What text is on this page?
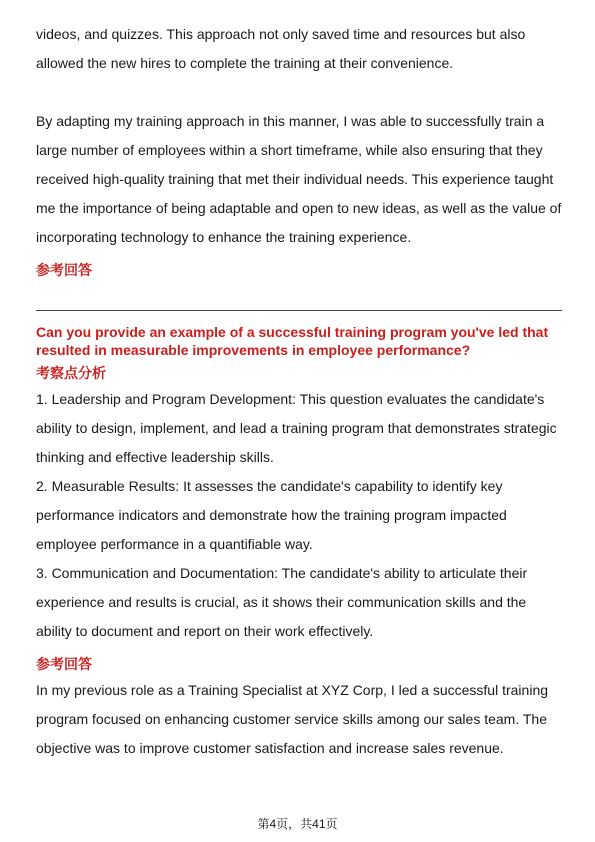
videos, and quizzes. This approach not only saved time and resources but also allowed the new hires to complete the training at their convenience.

By adapting my training approach in this manner, I was able to successfully train a large number of employees within a short timeframe, while also ensuring that they received high-quality training that met their individual needs. This experience taught me the importance of being adaptable and open to new ideas, as well as the value of incorporating technology to enhance the training experience.

参考回答

Can you provide an example of a successful training program you've led that resulted in measurable improvements in employee performance?

考察点分析

1. Leadership and Program Development: This question evaluates the candidate's ability to design, implement, and lead a training program that demonstrates strategic thinking and effective leadership skills.

2. Measurable Results: It assesses the candidate's capability to identify key performance indicators and demonstrate how the training program impacted employee performance in a quantifiable way.

3. Communication and Documentation: The candidate's ability to articulate their experience and results is crucial, as it shows their communication skills and the ability to document and report on their work effectively.

参考回答

In my previous role as a Training Specialist at XYZ Corp, I led a successful training program focused on enhancing customer service skills among our sales team. The objective was to improve customer satisfaction and increase sales revenue.

第4页，共41页
